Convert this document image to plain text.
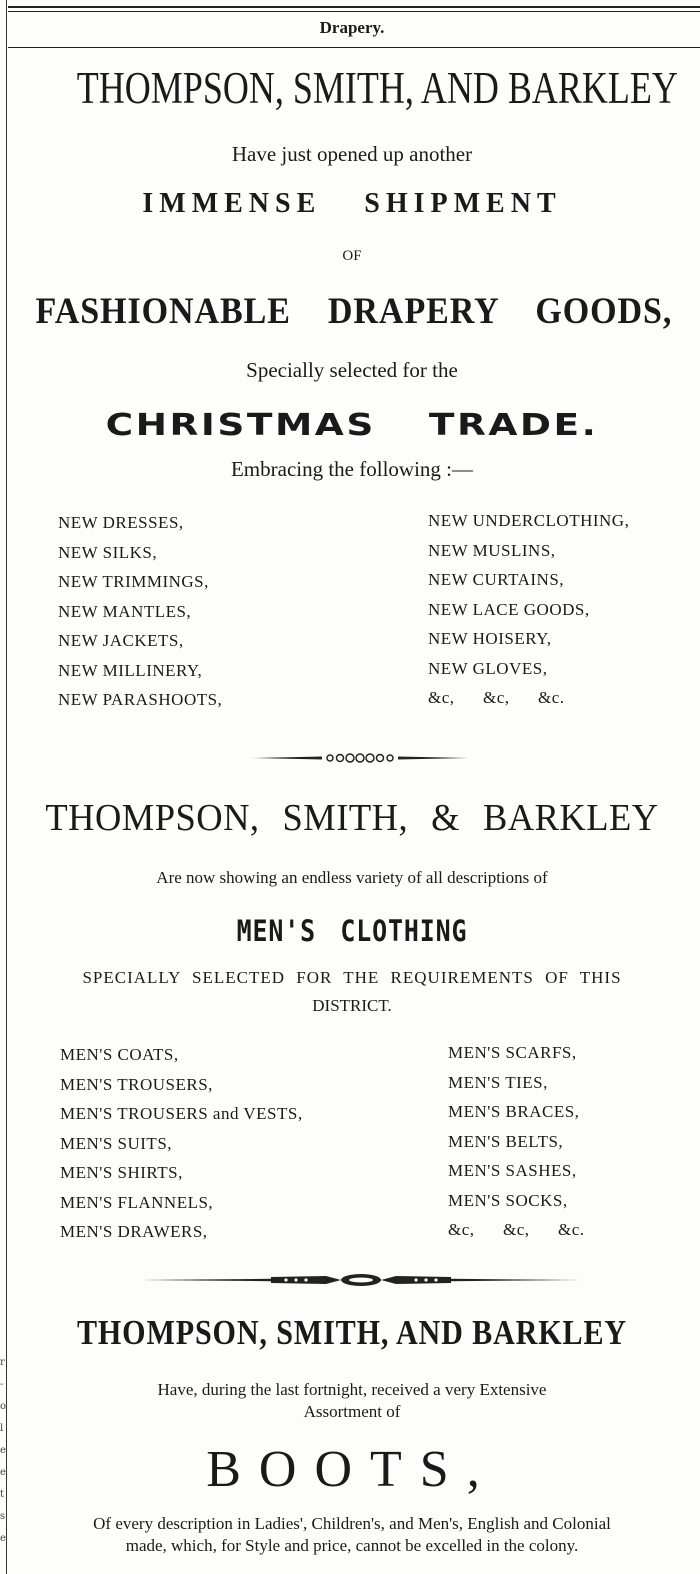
r
-
o
l
e
e
t
s
e
Drapery.
THOMPSON, SMITH, AND BARKLEY
Have just opened up another
IMMENSE SHIPMENT
OF
FASHIONABLE DRAPERY GOODS,
Specially selected for the
CHRISTMAS TRADE.
Embracing the following :—
NEW DRESSES,
NEW SILKS,
NEW TRIMMINGS,
NEW MANTLES,
NEW JACKETS,
NEW MILLINERY,
NEW PARASHOOTS,
NEW UNDERCLOTHING,
NEW MUSLINS,
NEW CURTAINS,
NEW LACE GOODS,
NEW HOISERY,
NEW GLOVES,
&c,      &c,      &c.
THOMPSON, SMITH, & BARKLEY
Are now showing an endless variety of all descriptions of
MEN'S CLOTHING
SPECIALLY SELECTED FOR THE REQUIREMENTS OF THIS
DISTRICT.
MEN'S COATS,
MEN'S TROUSERS,
MEN'S TROUSERS and VESTS,
MEN'S SUITS,
MEN'S SHIRTS,
MEN'S FLANNELS,
MEN'S DRAWERS,
MEN'S SCARFS,
MEN'S TIES,
MEN'S BRACES,
MEN'S BELTS,
MEN'S SASHES,
MEN'S SOCKS,
&c,      &c,      &c.
THOMPSON, SMITH, AND BARKLEY
Have, during the last fortnight, received a very Extensive
Assortment of
BOOTS,
Of every description in Ladies', Children's, and Men's, English and Colonial
made, which, for Style and price, cannot be excelled in the colony.
